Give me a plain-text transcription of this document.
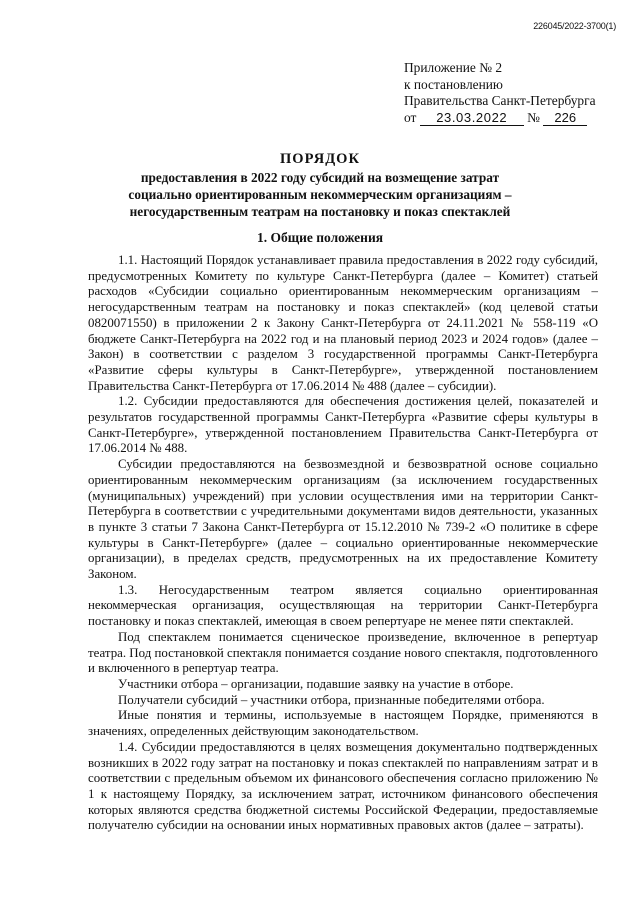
226045/2022-3700(1)
Приложение № 2
к постановлению
Правительства Санкт-Петербурга
от 23.03.2022 № 226
ПОРЯДОК
предоставления в 2022 году субсидий на возмещение затрат
социально ориентированным некоммерческим организациям –
негосударственным театрам на постановку и показ спектаклей
1. Общие положения

1.1. Настоящий Порядок устанавливает правила предоставления в 2022 году субсидий, предусмотренных Комитету по культуре Санкт-Петербурга (далее – Комитет) статьей расходов «Субсидии социально ориентированным некоммерческим организациям – негосударственным театрам на постановку и показ спектаклей» (код целевой статьи 0820071550) в приложении 2 к Закону Санкт-Петербурга от 24.11.2021 № 558-119 «О бюджете Санкт-Петербурга на 2022 год и на плановый период 2023 и 2024 годов» (далее – Закон) в соответствии с разделом 3 государственной программы Санкт-Петербурга «Развитие сферы культуры в Санкт-Петербурге», утвержденной постановлением Правительства Санкт-Петербурга от 17.06.2014 № 488 (далее – субсидии).

1.2. Субсидии предоставляются для обеспечения достижения целей, показателей и результатов государственной программы Санкт-Петербурга «Развитие сферы культуры в Санкт-Петербурге», утвержденной постановлением Правительства Санкт-Петербурга от 17.06.2014 № 488.

Субсидии предоставляются на безвозмездной и безвозвратной основе социально ориентированным некоммерческим организациям (за исключением государственных (муниципальных) учреждений) при условии осуществления ими на территории Санкт-Петербурга в соответствии с учредительными документами видов деятельности, указанных в пункте 3 статьи 7 Закона Санкт-Петербурга от 15.12.2010 № 739-2 «О политике в сфере культуры в Санкт-Петербурге» (далее – социально ориентированные некоммерческие организации), в пределах средств, предусмотренных на их предоставление Комитету Законом.

1.3. Негосударственным театром является социально ориентированная некоммерческая организация, осуществляющая на территории Санкт-Петербурга постановку и показ спектаклей, имеющая в своем репертуаре не менее пяти спектаклей.

Под спектаклем понимается сценическое произведение, включенное в репертуар театра. Под постановкой спектакля понимается создание нового спектакля, подготовленного и включенного в репертуар театра.

Участники отбора – организации, подавшие заявку на участие в отборе.

Получатели субсидий – участники отбора, признанные победителями отбора.

Иные понятия и термины, используемые в настоящем Порядке, применяются в значениях, определенных действующим законодательством.

1.4. Субсидии предоставляются в целях возмещения документально подтвержденных возникших в 2022 году затрат на постановку и показ спектаклей по направлениям затрат и в соответствии с предельным объемом их финансового обеспечения согласно приложению № 1 к настоящему Порядку, за исключением затрат, источником финансового обеспечения которых являются средства бюджетной системы Российской Федерации, предоставляемые получателю субсидии на основании иных нормативных правовых актов (далее – затраты).
